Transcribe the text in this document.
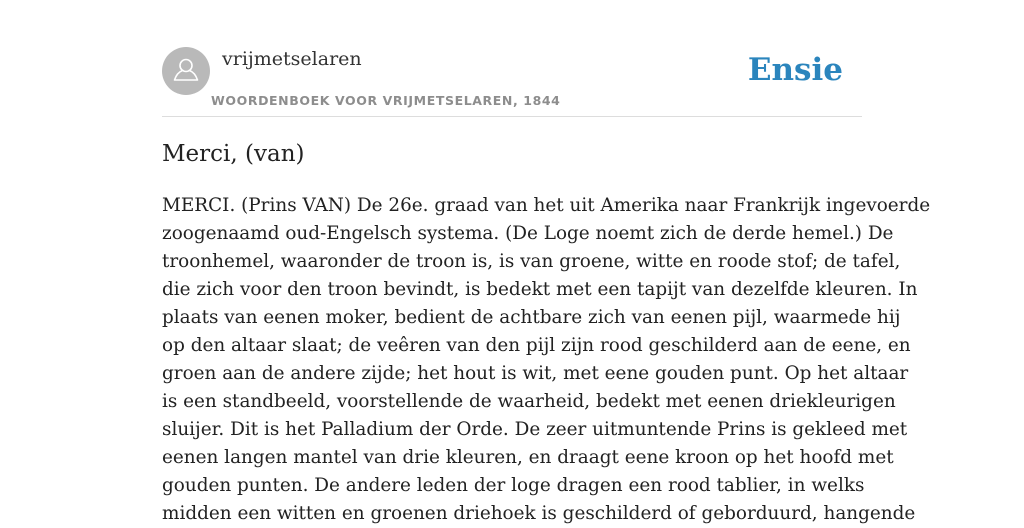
vrijmetselaren
WOORDENBOEK VOOR VRIJMETSELAREN, 1844
Ensie
Merci, (van)

MERCI. (Prins VAN) De 26e. graad van het uit Amerika naar Frankrijk ingevoerde
zoogenaamd oud-Engelsch systema. (De Loge noemt zich de derde hemel.) De
troonhemel, waaronder de troon is, is van groene, witte en roode stof; de tafel,
die zich voor den troon bevindt, is bedekt met een tapijt van dezelfde kleuren. In
plaats van eenen moker, bedient de achtbare zich van eenen pijl, waarmede hij
op den altaar slaat; de veêren van den pijl zijn rood geschilderd aan de eene, en
groen aan de andere zijde; het hout is wit, met eene gouden punt. Op het altaar
is een standbeeld, voorstellende de waarheid, bedekt met eenen driekleurigen
sluijer. Dit is het Palladium der Orde. De zeer uitmuntende Prins is gekleed met
eenen langen mantel van drie kleuren, en draagt eene kroon op het hoofd met
gouden punten. De andere leden der loge dragen een rood tablier, in welks
midden een witten en groenen driehoek is geschilderd of geborduurd, hangende
